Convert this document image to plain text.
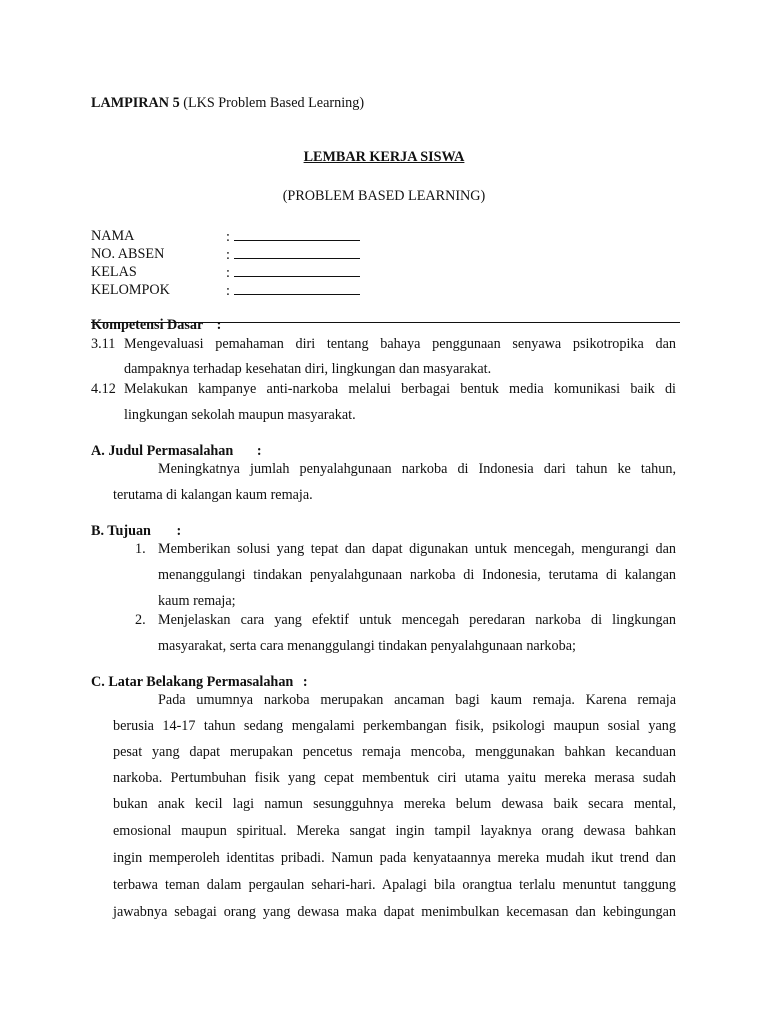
LAMPIRAN 5 (LKS Problem Based Learning)
LEMBAR KERJA SISWA
(PROBLEM BASED LEARNING)
NAMA	:
NO. ABSEN	:
KELAS	:
KELOMPOK	:
Kompetensi Dasar :
3.11 Mengevaluasi pemahaman diri tentang bahaya penggunaan senyawa psikotropika dan
dampaknya terhadap kesehatan diri, lingkungan dan masyarakat.
4.12 Melakukan kampanye anti-narkoba melalui berbagai bentuk media komunikasi baik di
lingkungan sekolah maupun masyarakat.
A. Judul Permasalahan :
Meningkatnya jumlah penyalahgunaan narkoba di Indonesia dari tahun ke tahun,
terutama di kalangan kaum remaja.
B. Tujuan :
1. Memberikan solusi yang tepat dan dapat digunakan untuk mencegah, mengurangi dan
menanggulangi tindakan penyalahgunaan narkoba di Indonesia, terutama di kalangan
kaum remaja;
2. Menjelaskan cara yang efektif untuk mencegah peredaran narkoba di lingkungan
masyarakat, serta cara menanggulangi tindakan penyalahgunaan narkoba;
C. Latar Belakang Permasalahan :
Pada umumnya narkoba merupakan ancaman bagi kaum remaja. Karena remaja
berusia 14-17 tahun sedang mengalami perkembangan fisik, psikologi maupun sosial yang
pesat yang dapat merupakan pencetus remaja mencoba, menggunakan bahkan kecanduan
narkoba. Pertumbuhan fisik yang cepat membentuk ciri utama yaitu mereka merasa sudah
bukan anak kecil lagi namun sesungguhnya mereka belum dewasa baik secara mental,
emosional maupun spiritual. Mereka sangat ingin tampil layaknya orang dewasa bahkan
ingin memperoleh identitas pribadi. Namun pada kenyataannya mereka mudah ikut trend dan
terbawa teman dalam pergaulan sehari-hari. Apalagi bila orangtua terlalu menuntut tanggung
jawabnya sebagai orang yang dewasa maka dapat menimbulkan kecemasan dan kebingungan
